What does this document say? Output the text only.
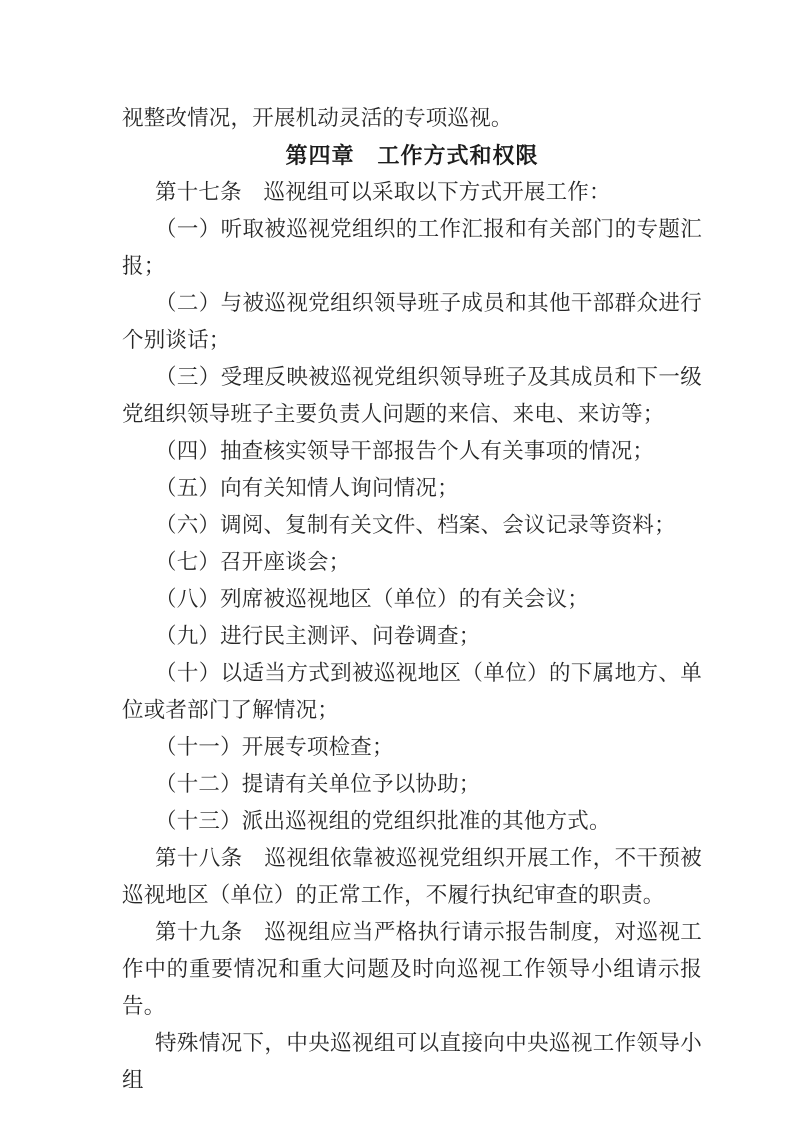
视整改情况，开展机动灵活的专项巡视。

第四章　工作方式和权限

第十七条　巡视组可以采取以下方式开展工作：

（一）听取被巡视党组织的工作汇报和有关部门的专题汇报；

（二）与被巡视党组织领导班子成员和其他干部群众进行个别谈话；

（三）受理反映被巡视党组织领导班子及其成员和下一级党组织领导班子主要负责人问题的来信、来电、来访等；

（四）抽查核实领导干部报告个人有关事项的情况；

（五）向有关知情人询问情况；

（六）调阅、复制有关文件、档案、会议记录等资料；

（七）召开座谈会；

（八）列席被巡视地区（单位）的有关会议；

（九）进行民主测评、问卷调查；

（十）以适当方式到被巡视地区（单位）的下属地方、单位或者部门了解情况；

（十一）开展专项检查；

（十二）提请有关单位予以协助；

（十三）派出巡视组的党组织批准的其他方式。

第十八条　巡视组依靠被巡视党组织开展工作，不干预被巡视地区（单位）的正常工作，不履行执纪审查的职责。

第十九条　巡视组应当严格执行请示报告制度，对巡视工作中的重要情况和重大问题及时向巡视工作领导小组请示报告。

特殊情况下，中央巡视组可以直接向中央巡视工作领导小组
